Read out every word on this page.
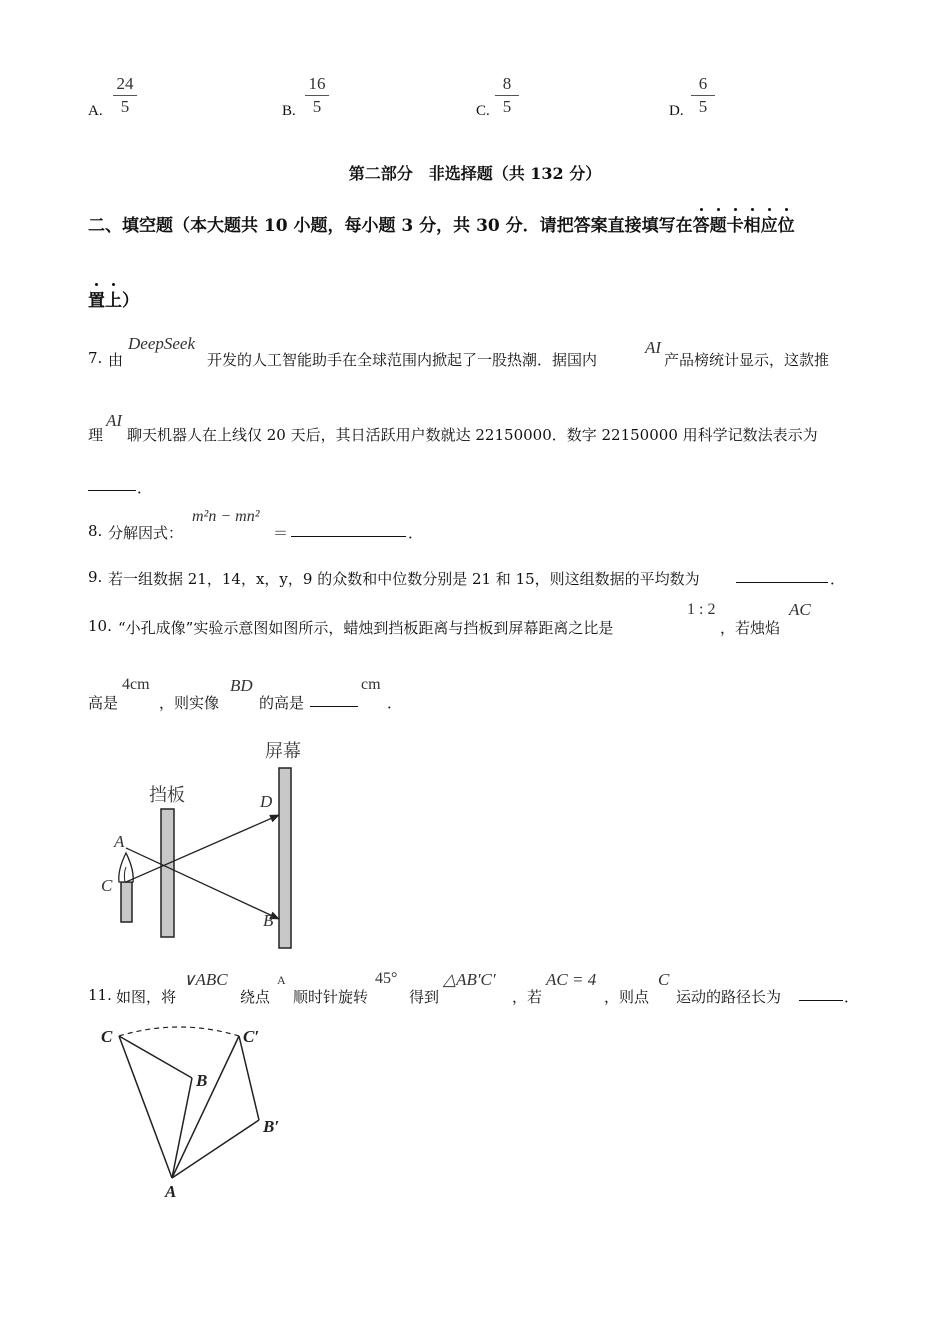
A.
24
5	B.
16
5	C.
8
5	D.
6
5
第二部分　非选择题（共 132 分）
二、填空题（本大题共 10 小题，每小题 3 分，共 30 分．请把答案直接填写在
答
题
卡
相
应
位
置
上）
7. 由
DeepSeek
开发的人工智能助手在全球范围内掀起了一股热潮．据国内
AI
产品榜统计显示，这款推
理
AI
聊天机器人在上线仅 20 天后，其日活跃用户数就达 22150000．数字 22150000 用科学记数法表示为
．
8. 分解因式：
m²n − mn²
＝	．
9. 若一组数据 21，14，x，y，9 的众数和中位数分别是 21 和 15，则这组数据的平均数为	．
10. “小孔成像”实验示意图如图所示，蜡烛到挡板距离与挡板到屏幕距离之比是
1 : 2
，若烛焰
AC
高是
4cm
，则实像
BD
的高是
cm
．
屏幕
挡板
A
C
D
B
11. 如图，将
∨ABC
绕点
A
顺时针旋转
45°
得到
△AB′C′
，若
AC = 4
，则点
C
运动的路径长为	．
C	C′
B
B′
A
